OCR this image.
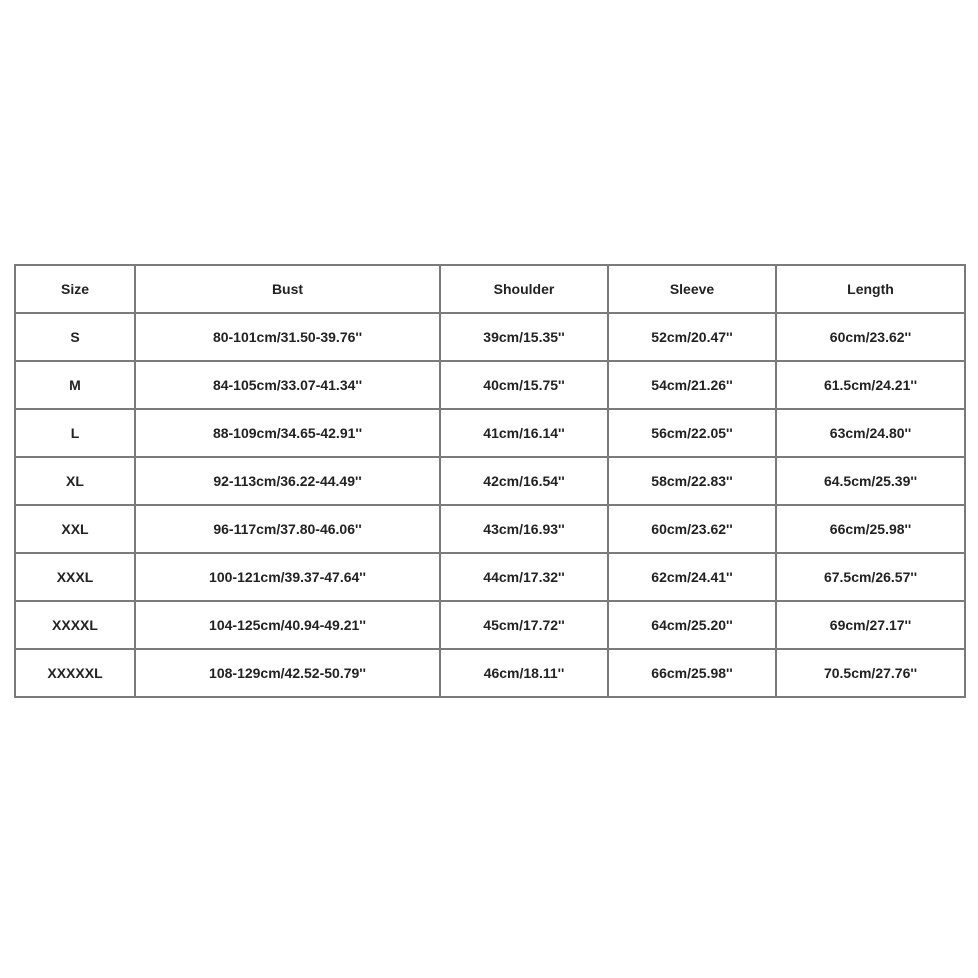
Size	Bust	Shoulder	Sleeve	Length
S	80-101cm/31.50-39.76''	39cm/15.35''	52cm/20.47''	60cm/23.62''
M	84-105cm/33.07-41.34''	40cm/15.75''	54cm/21.26''	61.5cm/24.21''
L	88-109cm/34.65-42.91''	41cm/16.14''	56cm/22.05''	63cm/24.80''
XL	92-113cm/36.22-44.49''	42cm/16.54''	58cm/22.83''	64.5cm/25.39''
XXL	96-117cm/37.80-46.06''	43cm/16.93''	60cm/23.62''	66cm/25.98''
XXXL	100-121cm/39.37-47.64''	44cm/17.32''	62cm/24.41''	67.5cm/26.57''
XXXXL	104-125cm/40.94-49.21''	45cm/17.72''	64cm/25.20''	69cm/27.17''
XXXXXL	108-129cm/42.52-50.79''	46cm/18.11''	66cm/25.98''	70.5cm/27.76''
